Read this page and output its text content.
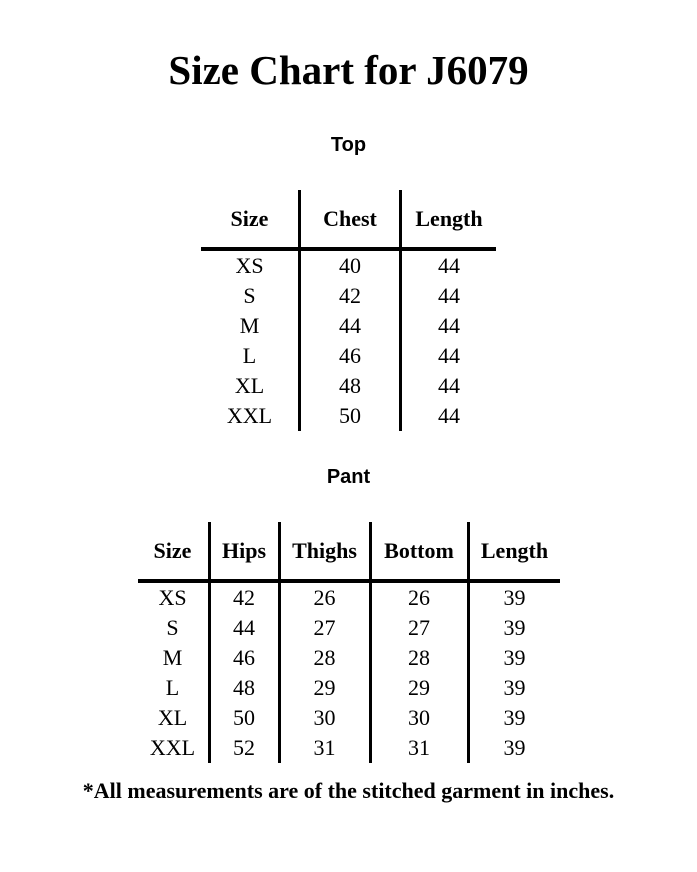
Size Chart for J6079
Top
Size	Chest	Length
XS	40	44
S	42	44
M	44	44
L	46	44
XL	48	44
XXL	50	44
Pant
Size	Hips	Thighs	Bottom	Length
XS	42	26	26	39
S	44	27	27	39
M	46	28	28	39
L	48	29	29	39
XL	50	30	30	39
XXL	52	31	31	39
*All measurements are of the stitched garment in inches.
